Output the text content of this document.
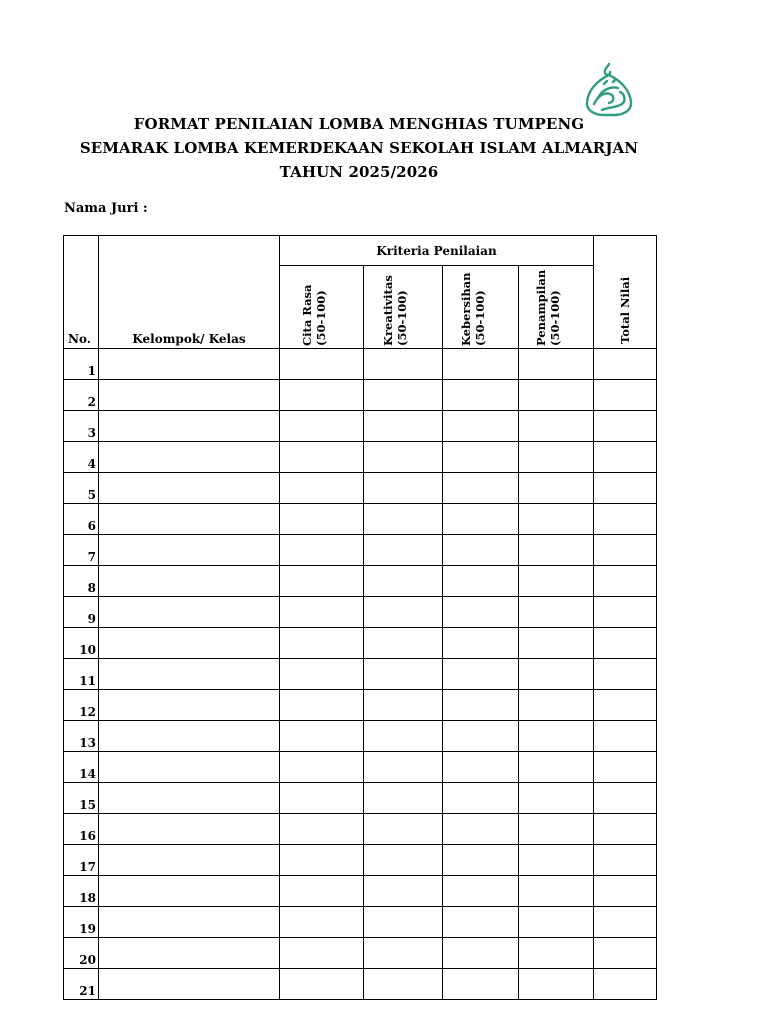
FORMAT PENILAIAN LOMBA MENGHIAS TUMPENG
SEMARAK LOMBA KEMERDEKAAN SEKOLAH ISLAM ALMARJAN
TAHUN 2025/2026
Nama Juri :
No.	Kelompok/ Kelas	Kriteria Penilaian				Total Nilai

		Cita Rasa (50-100)	Kreativitas (50-100)	Kebersihan (50-100)	Penampilan (50-100)	

1						
2						
3						
4						
5						
6						
7						
8						
9						
10						
11						
12						
13						
14						
15						
16						
17						
18						
19						
20						
21						
